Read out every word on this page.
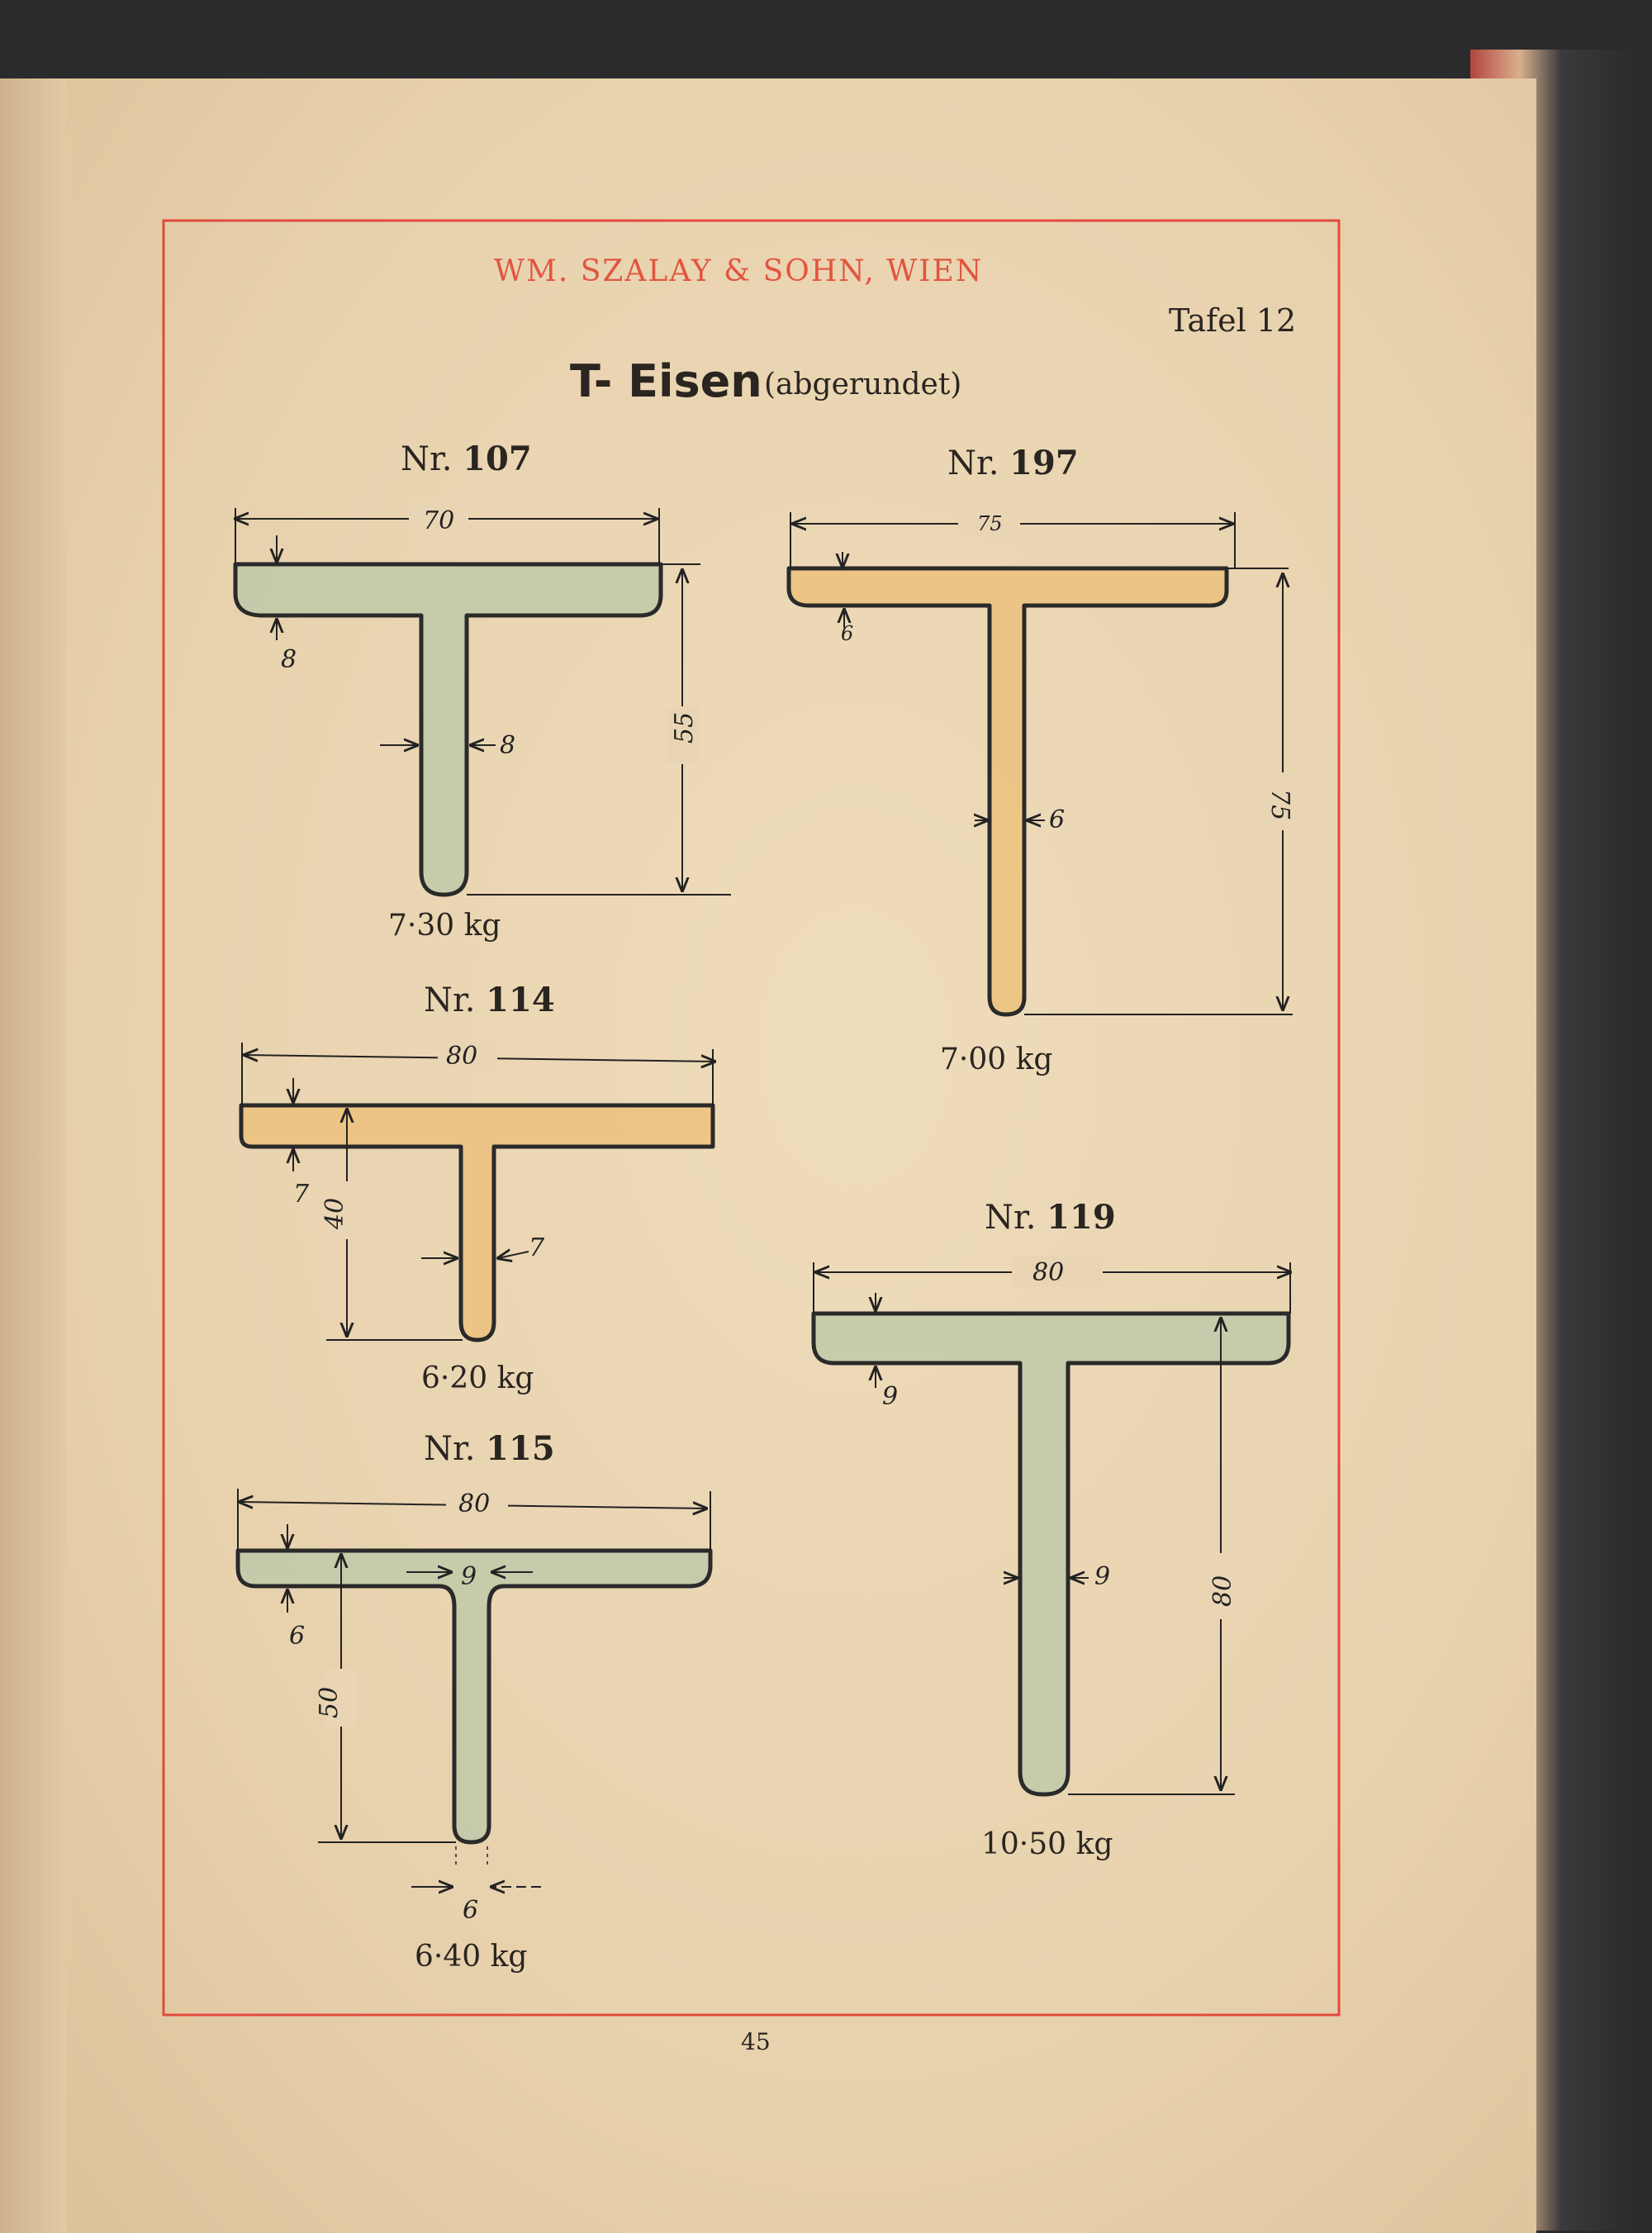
WM. SZALAY & SOHN, WIEN
Tafel 12
T- Eisen (abgerundet)
Nr. 107
7·30 kg
Nr. 197
7·00 kg
Nr. 114
6·20 kg
Nr. 119
10·50 kg
Nr. 115
6·40 kg
45
70
55
8
8
75
75
6
6
80
7
40
7
80
9
80
9
80
6
9
50
6
